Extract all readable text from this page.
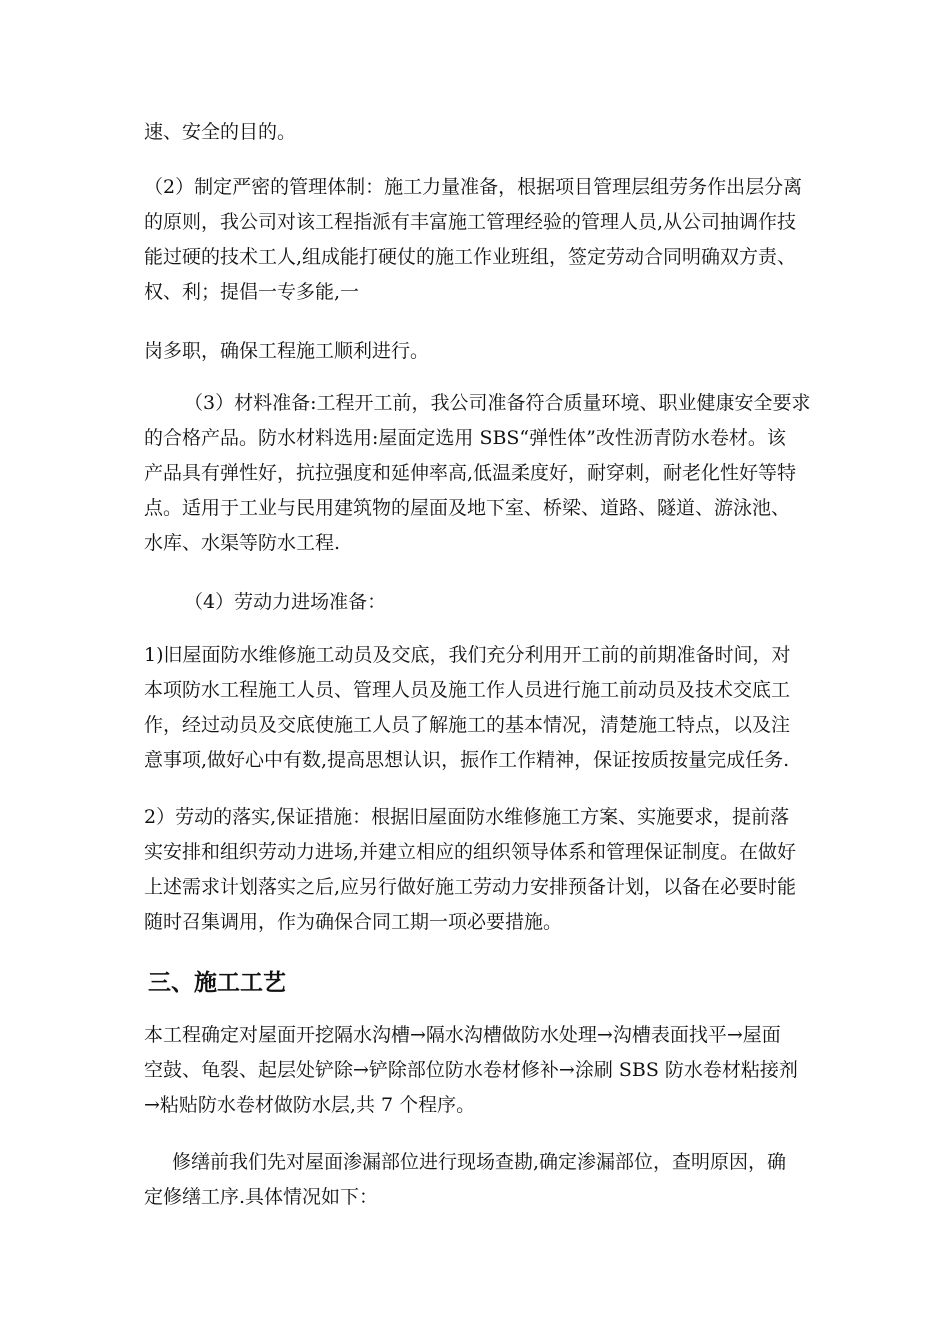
速、安全的目的。

（2）制定严密的管理体制：施工力量准备，根据项目管理层组劳务作出层分离
的原则，我公司对该工程指派有丰富施工管理经验的管理人员,从公司抽调作技
能过硬的技术工人,组成能打硬仗的施工作业班组，签定劳动合同明确双方责、
权、利；提倡一专多能,一

岗多职，确保工程施工顺利进行。

（3）材料准备:工程开工前，我公司准备符合质量环境、职业健康安全要求
的合格产品。防水材料选用:屋面定选用 SBS“弹性体”改性沥青防水卷材。该
产品具有弹性好，抗拉强度和延伸率高,低温柔度好，耐穿刺，耐老化性好等特
点。适用于工业与民用建筑物的屋面及地下室、桥梁、道路、隧道、游泳池、
水库、水渠等防水工程.

（4）劳动力进场准备：

1)旧屋面防水维修施工动员及交底，我们充分利用开工前的前期准备时间，对
本项防水工程施工人员、管理人员及施工作人员进行施工前动员及技术交底工
作，经过动员及交底使施工人员了解施工的基本情况，清楚施工特点，以及注
意事项,做好心中有数,提高思想认识，振作工作精神，保证按质按量完成任务.

2）劳动的落实,保证措施：根据旧屋面防水维修施工方案、实施要求，提前落
实安排和组织劳动力进场,并建立相应的组织领导体系和管理保证制度。在做好
上述需求计划落实之后,应另行做好施工劳动力安排预备计划，以备在必要时能
随时召集调用，作为确保合同工期一项必要措施。

三、施工工艺

本工程确定对屋面开挖隔水沟槽→隔水沟槽做防水处理→沟槽表面找平→屋面
空鼓、龟裂、起层处铲除→铲除部位防水卷材修补→涂刷 SBS 防水卷材粘接剂
→粘贴防水卷材做防水层,共 7 个程序。

修缮前我们先对屋面渗漏部位进行现场查勘,确定渗漏部位，查明原因，确
定修缮工序.具体情况如下：
